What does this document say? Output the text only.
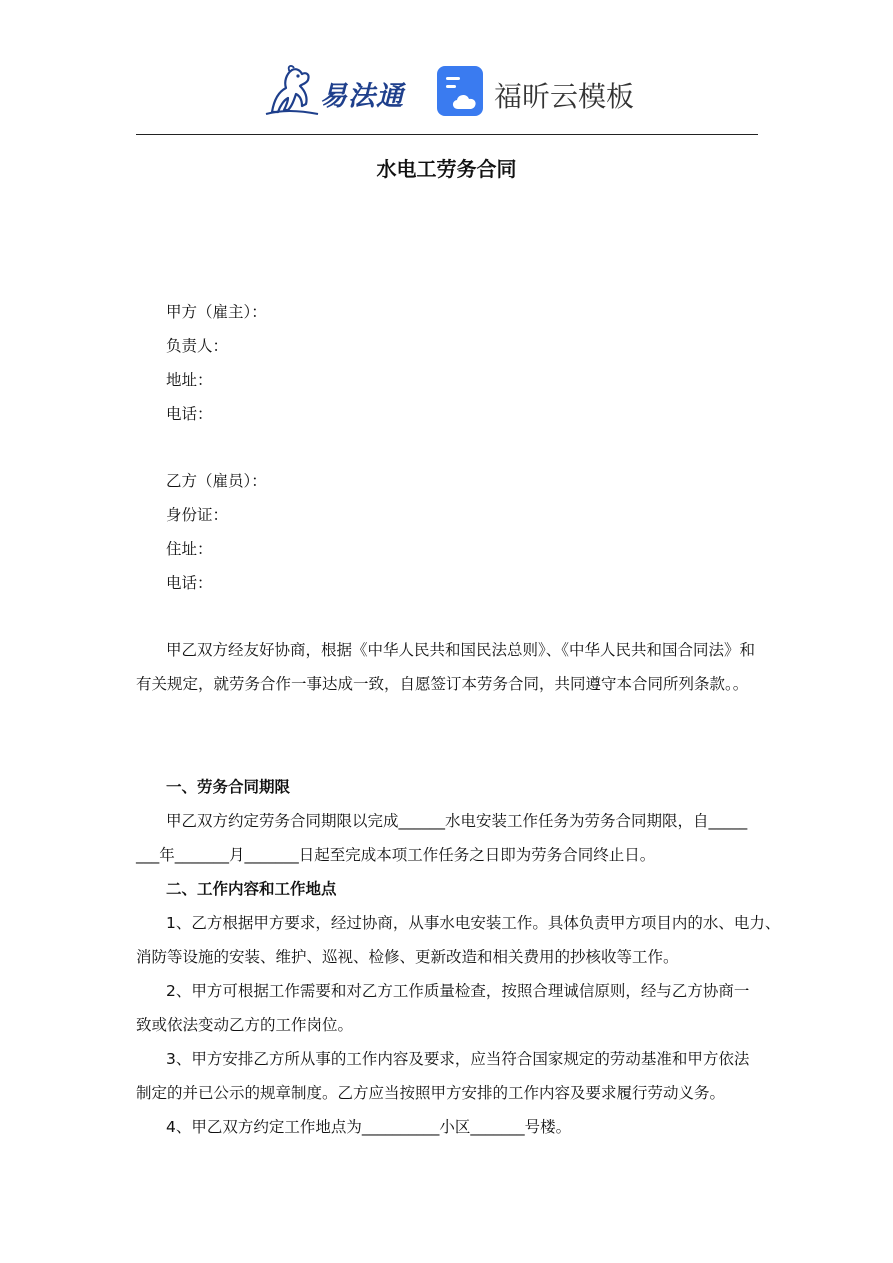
易法通	福昕云模板
水电工劳务合同
甲方（雇主）：
负责人：
地址：
电话：
乙方（雇员）：
身份证：
住址：
电话：
甲乙双方经友好协商，根据《中华人民共和国民法总则》、《中华人民共和国合同法》和
有关规定，就劳务合作一事达成一致，自愿签订本劳务合同，共同遵守本合同所列条款。。
一、劳务合同期限
甲乙双方约定劳务合同期限以完成______水电安装工作任务为劳务合同期限，自_____
___年_______月_______日起至完成本项工作任务之日即为劳务合同终止日。
二、工作内容和工作地点
1、乙方根据甲方要求，经过协商，从事水电安装工作。具体负责甲方项目内的水、电力、
消防等设施的安装、维护、巡视、检修、更新改造和相关费用的抄核收等工作。
2、甲方可根据工作需要和对乙方工作质量检查，按照合理诚信原则，经与乙方协商一
致或依法变动乙方的工作岗位。
3、甲方安排乙方所从事的工作内容及要求，应当符合国家规定的劳动基准和甲方依法
制定的并已公示的规章制度。乙方应当按照甲方安排的工作内容及要求履行劳动义务。
4、甲乙双方约定工作地点为__________小区_______号楼。
